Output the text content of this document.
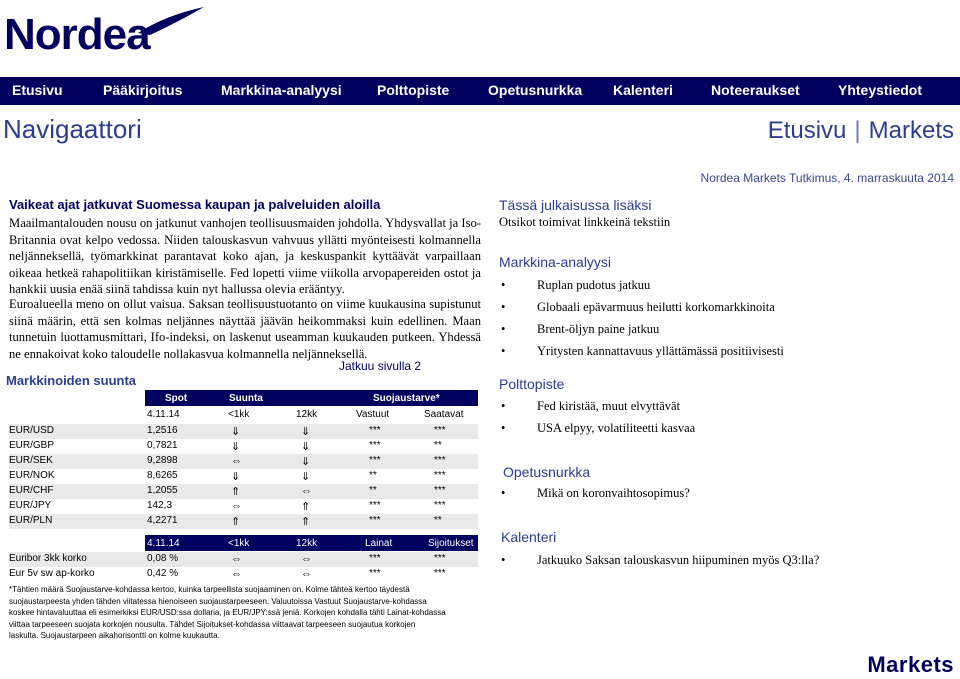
Nordea
Etusivu	Pääkirjoitus	Markkina-analyysi	Polttopiste	Opetusnurkka Kalenteri	Noteeraukset	Yhteystiedot
Navigaattori	Etusivu | Markets
Nordea Markets Tutkimus, 4. marraskuuta 2014
Vaikeat ajat jatkuvat Suomessa kaupan ja palveluiden aloilla
Maailmantalouden nousu on jatkunut vanhojen teollisuusmaiden johdolla. Yhdysvallat ja Iso-Britannia ovat kelpo vedossa. Niiden talouskasvun vahvuus yllätti myönteisesti kolmannella neljänneksellä, työmarkkinat parantavat koko ajan, ja keskuspankit kyttäävät varpaillaan oikeaa hetkeä rahapolitiikan kiristämiselle. Fed lopetti viime viikolla arvopapereiden ostot ja hankkii uusia enää siinä tahdissa kuin nyt hallussa olevia erääntyy.
Euroalueella meno on ollut vaisua. Saksan teollisuustuotanto on viime kuukausina supistunut siinä määrin, että sen kolmas neljännes näyttää jäävän heikommaksi kuin edellinen. Maan tunnetuin luottamusmittari, Ifo-indeksi, on laskenut useamman kuukauden putkeen. Yhdessä ne ennakoivat koko taloudelle nollakasvua kolmannella neljänneksellä.
Jatkuu sivulla 2
Markkinoiden suunta
Spot	Suunta	Suojaustarve*
4.11.14	<1kk	12kk	Vastuut	Saatavat
EUR/USD	1,2516	⇓	⇓	***	***
EUR/GBP	0,7821	⇓	⇓	***	**
EUR/SEK	9,2898	⇔	⇓	***	***
EUR/NOK	8,6265	⇓	⇓	**	***
EUR/CHF	1,2055	⇑	⇔	**	***
EUR/JPY	142,3	⇔	⇑	***	***
EUR/PLN	4,2271	⇑	⇑	***	**
4.11.14	<1kk	12kk	Lainat	Sijoitukset
Euribor 3kk korko	0,08 %	⇔	⇔	***	***
Eur 5v sw ap-korko	0,42 %	⇔	⇔	***	***
*Tähtien määrä Suojaustarve-kohdassa kertoo, kuinka tarpeellista suojaaminen on. Kolme tähteä kertoo täydestä
suojaustarpeesta yhden tähden viitatessa hienoiseen suojaustarpeeseen. Valuutoissa Vastuut Suojaustarve-kohdassa
koskee hintavaluuttaa eli esimerkiksi EUR/USD:ssa dollaria, ja EUR/JPY:ssä jeniä. Korkojen kohdalla tähti Lainat-kohdassa
viittaa tarpeeseen suojata korkojen nousulta. Tähdet Sijoitukset-kohdassa viittaavat tarpeeseen suojautua korkojen
laskulta. Suojaustarpeen aikahorisontti on kolme kuukautta.
Tässä julkaisussa lisäksi
Otsikot toimivat linkkeinä tekstiin
Markkina-analyysi
•	Ruplan pudotus jatkuu
•	Globaali epävarmuus heilutti korkomarkkinoita
•	Brent-öljyn paine jatkuu
•	Yritysten kannattavuus yllättämässä positiivisesti
Polttopiste
•	Fed kiristää, muut elvyttävät
•	USA elpyy, volatiliteetti kasvaa
Opetusnurkka
•	Mikä on koronvaihtosopimus?
Kalenteri
•	Jatkuuko Saksan talouskasvun hiipuminen myös Q3:lla?
Markets
